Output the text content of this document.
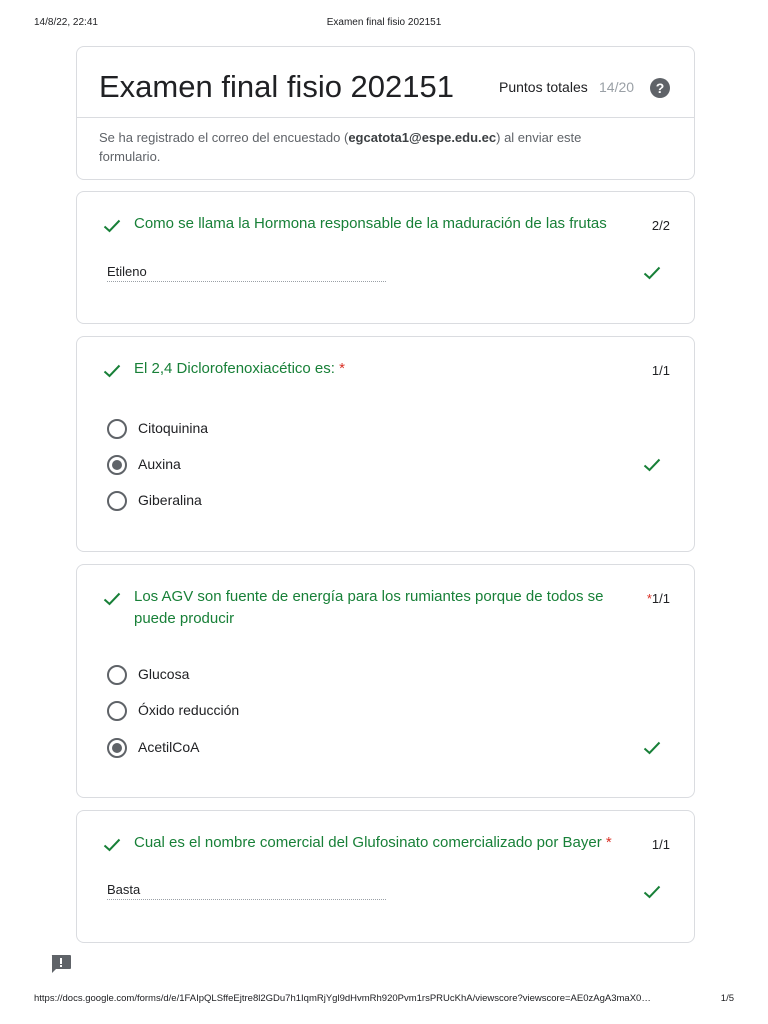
14/8/22, 22:41	Examen final fisio 202151
Examen final fisio 202151	Puntos totales 14/20	?

Se ha registrado el correo del encuestado (egcatota1@espe.edu.ec) al enviar este formulario.

Como se llama la Hormona responsable de la maduración de las frutas	2/2
Etileno
El 2,4 Diclorofenoxiacético es: *	1/1
Citoquinina
Auxina
Giberalina
Los AGV son fuente de energía para los rumiantes porque de todos se puede producir
*1/1
Glucosa
Óxido reducción
AcetilCoA
Cual es el nombre comercial del Glufosinato comercializado por Bayer *	1/1
Basta
https://docs.google.com/forms/d/e/1FAIpQLSffeEjtre8l2GDu7h1IqmRjYgl9dHvmRh920Pvm1rsPRUcKhA/viewscore?viewscore=AE0zAgA3maX0…	1/5
